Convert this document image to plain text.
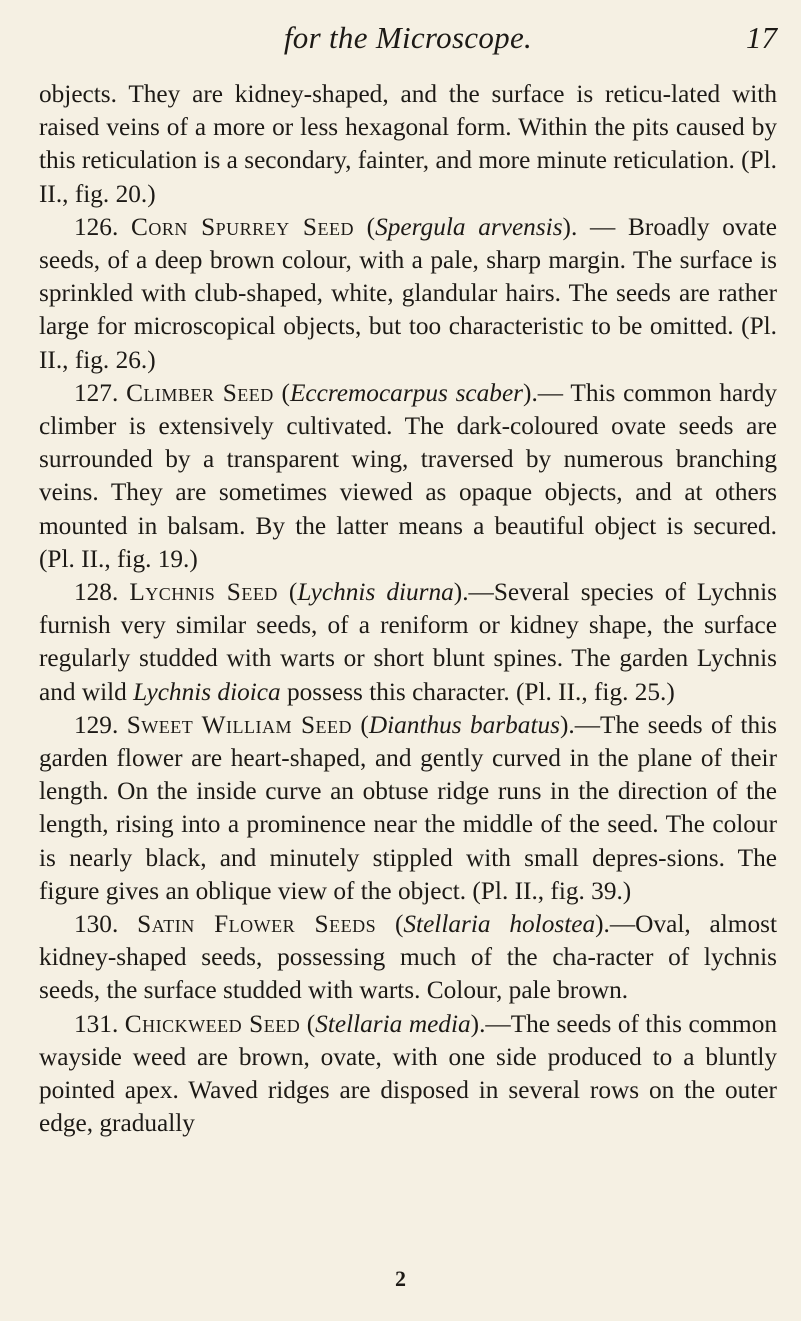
for the Microscope.	17

objects. They are kidney-shaped, and the surface is reticu-lated with raised veins of a more or less hexagonal form. Within the pits caused by this reticulation is a secondary, fainter, and more minute reticulation. (Pl. II., fig. 20.)

126. Corn Spurrey Seed (Spergula arvensis). — Broadly ovate seeds, of a deep brown colour, with a pale, sharp margin. The surface is sprinkled with club-shaped, white, glandular hairs. The seeds are rather large for microscopical objects, but too characteristic to be omitted. (Pl. II., fig. 26.)

127. Climber Seed (Eccremocarpus scaber).— This common hardy climber is extensively cultivated. The dark-coloured ovate seeds are surrounded by a transparent wing, traversed by numerous branching veins. They are sometimes viewed as opaque objects, and at others mounted in balsam. By the latter means a beautiful object is secured. (Pl. II., fig. 19.)

128. Lychnis Seed (Lychnis diurna).—Several species of Lychnis furnish very similar seeds, of a reniform or kidney shape, the surface regularly studded with warts or short blunt spines. The garden Lychnis and wild Lychnis dioica possess this character. (Pl. II., fig. 25.)

129. Sweet William Seed (Dianthus barbatus).—The seeds of this garden flower are heart-shaped, and gently curved in the plane of their length. On the inside curve an obtuse ridge runs in the direction of the length, rising into a prominence near the middle of the seed. The colour is nearly black, and minutely stippled with small depres-sions. The figure gives an oblique view of the object. (Pl. II., fig. 39.)

130. Satin Flower Seeds (Stellaria holostea).—Oval, almost kidney-shaped seeds, possessing much of the cha-racter of lychnis seeds, the surface studded with warts. Colour, pale brown.

131. Chickweed Seed (Stellaria media).—The seeds of this common wayside weed are brown, ovate, with one side produced to a bluntly pointed apex. Waved ridges are disposed in several rows on the outer edge, gradually

2
